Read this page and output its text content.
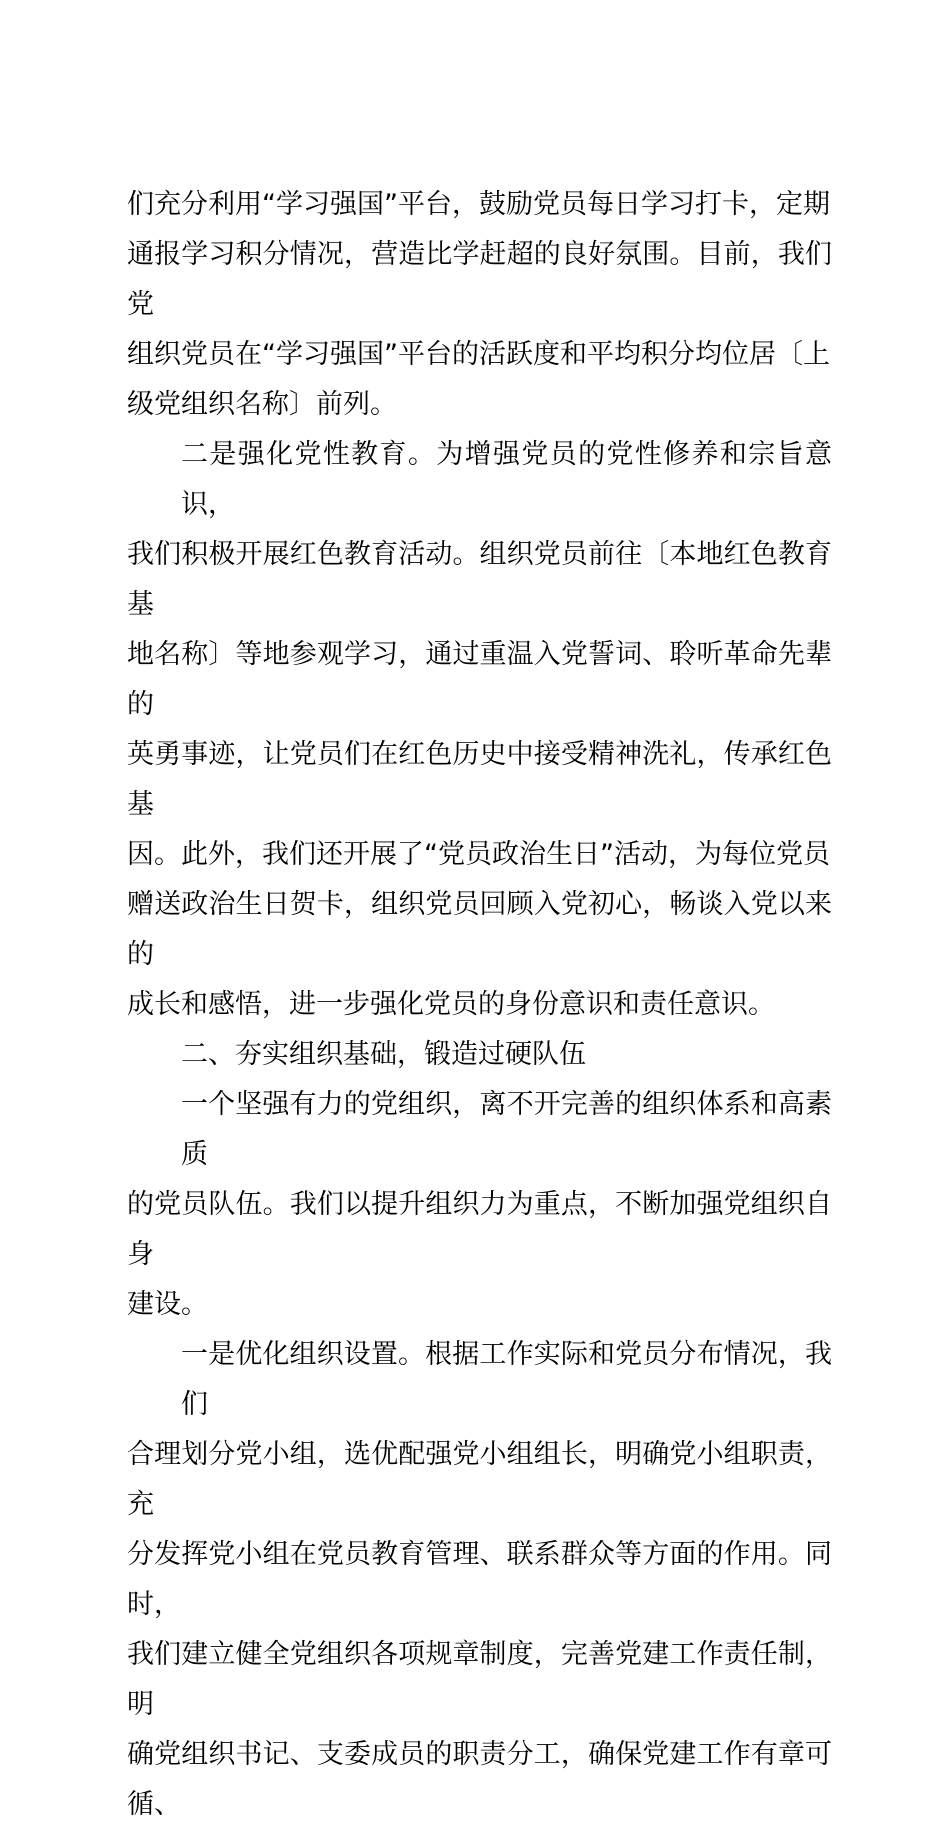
们充分利用“学习强国”平台，鼓励党员每日学习打卡，定期
通报学习积分情况，营造比学赶超的良好氛围。目前，我们党
组织党员在“学习强国”平台的活跃度和平均积分均位居〔上
级党组织名称〕前列。
二是强化党性教育。为增强党员的党性修养和宗旨意识，
我们积极开展红色教育活动。组织党员前往〔本地红色教育基
地名称〕等地参观学习，通过重温入党誓词、聆听革命先辈的
英勇事迹，让党员们在红色历史中接受精神洗礼，传承红色基
因。此外，我们还开展了“党员政治生日”活动，为每位党员
赠送政治生日贺卡，组织党员回顾入党初心，畅谈入党以来的
成长和感悟，进一步强化党员的身份意识和责任意识。
二、夯实组织基础，锻造过硬队伍
一个坚强有力的党组织，离不开完善的组织体系和高素质
的党员队伍。我们以提升组织力为重点，不断加强党组织自身
建设。
一是优化组织设置。根据工作实际和党员分布情况，我们
合理划分党小组，选优配强党小组组长，明确党小组职责，充
分发挥党小组在党员教育管理、联系群众等方面的作用。同时，
我们建立健全党组织各项规章制度，完善党建工作责任制，明
确党组织书记、支委成员的职责分工，确保党建工作有章可循、
